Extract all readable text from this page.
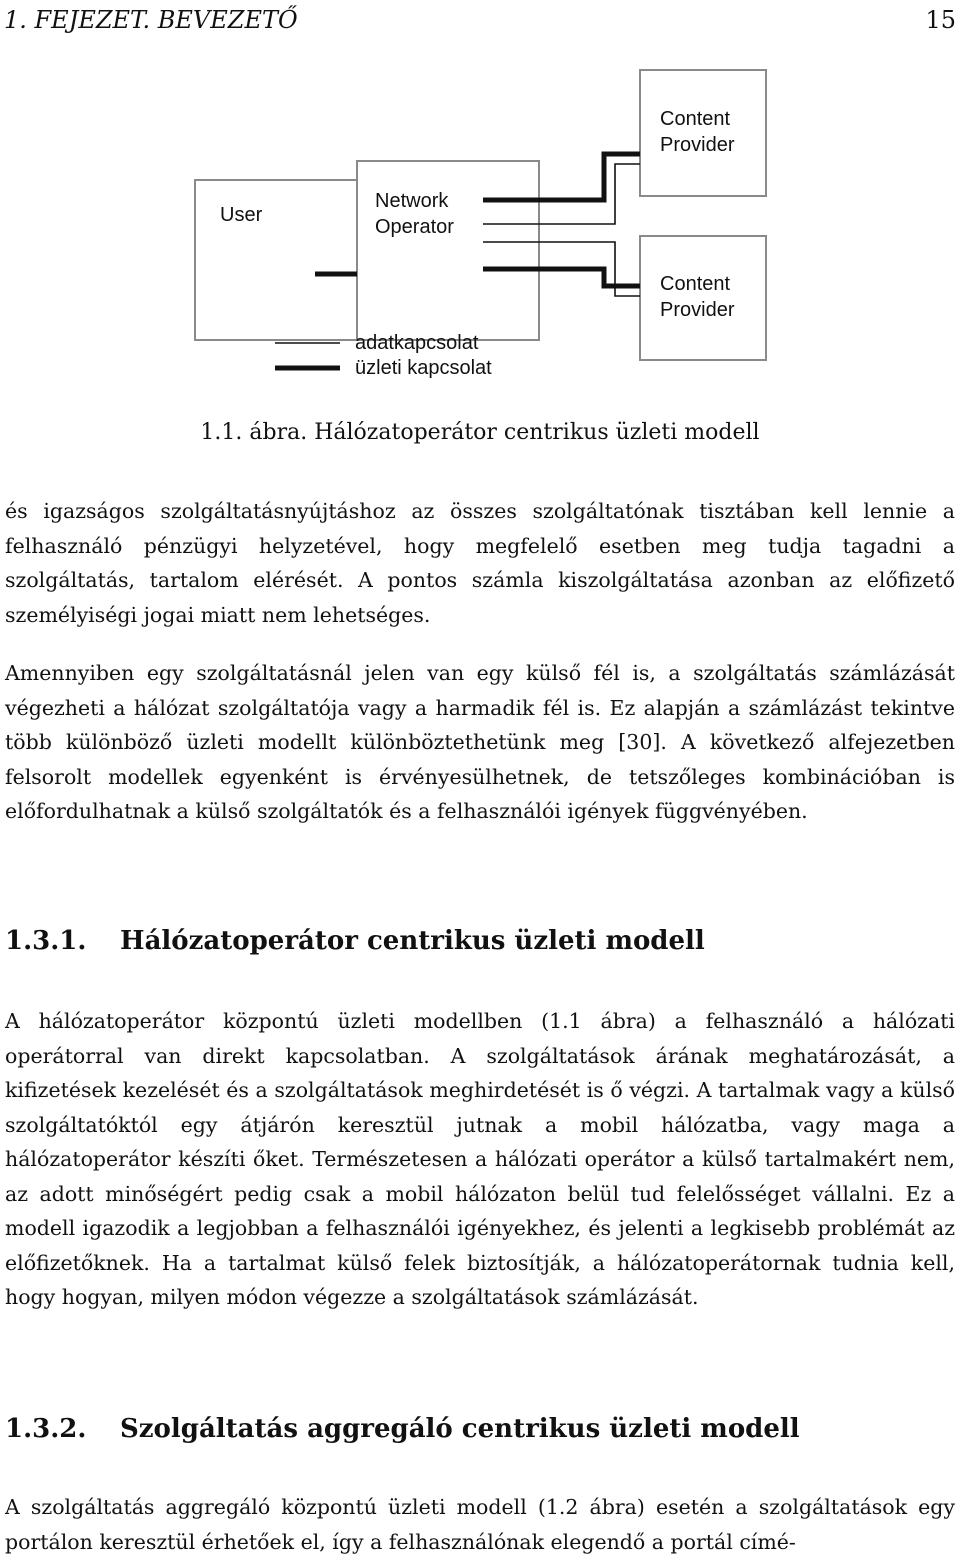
1. FEJEZET. BEVEZETŐ	15
User
Network
Operator
Content
Provider
Content
Provider
adatkapcsolat
üzleti kapcsolat
1.1. ábra. Hálózatoperátor centrikus üzleti modell

és igazságos szolgáltatásnyújtáshoz az összes szolgáltatónak tisztában kell lennie a felhasználó pénzügyi helyzetével, hogy megfelelő esetben meg tudja tagadni a szolgáltatás, tartalom elérését. A pontos számla kiszolgáltatása azonban az előfizető személyiségi jogai miatt nem lehetséges.

Amennyiben egy szolgáltatásnál jelen van egy külső fél is, a szolgáltatás számlázását végezheti a hálózat szolgáltatója vagy a harmadik fél is. Ez alapján a számlázást tekintve több különböző üzleti modellt különböztethetünk meg [30]. A következő alfejezetben felsorolt modellek egyenként is érvényesülhetnek, de tetszőleges kombinációban is előfordulhatnak a külső szolgáltatók és a felhasználói igények függvényében.

1.3.1. Hálózatoperátor centrikus üzleti modell

A hálózatoperátor központú üzleti modellben (1.1 ábra) a felhasználó a hálózati operátorral van direkt kapcsolatban. A szolgáltatások árának meghatározását, a kifizetések kezelését és a szolgáltatások meghirdetését is ő végzi. A tartalmak vagy a külső szolgáltatóktól egy átjárón keresztül jutnak a mobil hálózatba, vagy maga a hálózatoperátor készíti őket. Természetesen a hálózati operátor a külső tartalmakért nem, az adott minőségért pedig csak a mobil hálózaton belül tud felelősséget vállalni. Ez a modell igazodik a legjobban a felhasználói igényekhez, és jelenti a legkisebb problémát az előfizetőknek. Ha a tartalmat külső felek biztosítják, a hálózatoperátornak tudnia kell, hogy hogyan, milyen módon végezze a szolgáltatások számlázását.

1.3.2. Szolgáltatás aggregáló centrikus üzleti modell

A szolgáltatás aggregáló központú üzleti modell (1.2 ábra) esetén a szolgáltatások egy portálon keresztül érhetőek el, így a felhasználónak elegendő a portál címé-
